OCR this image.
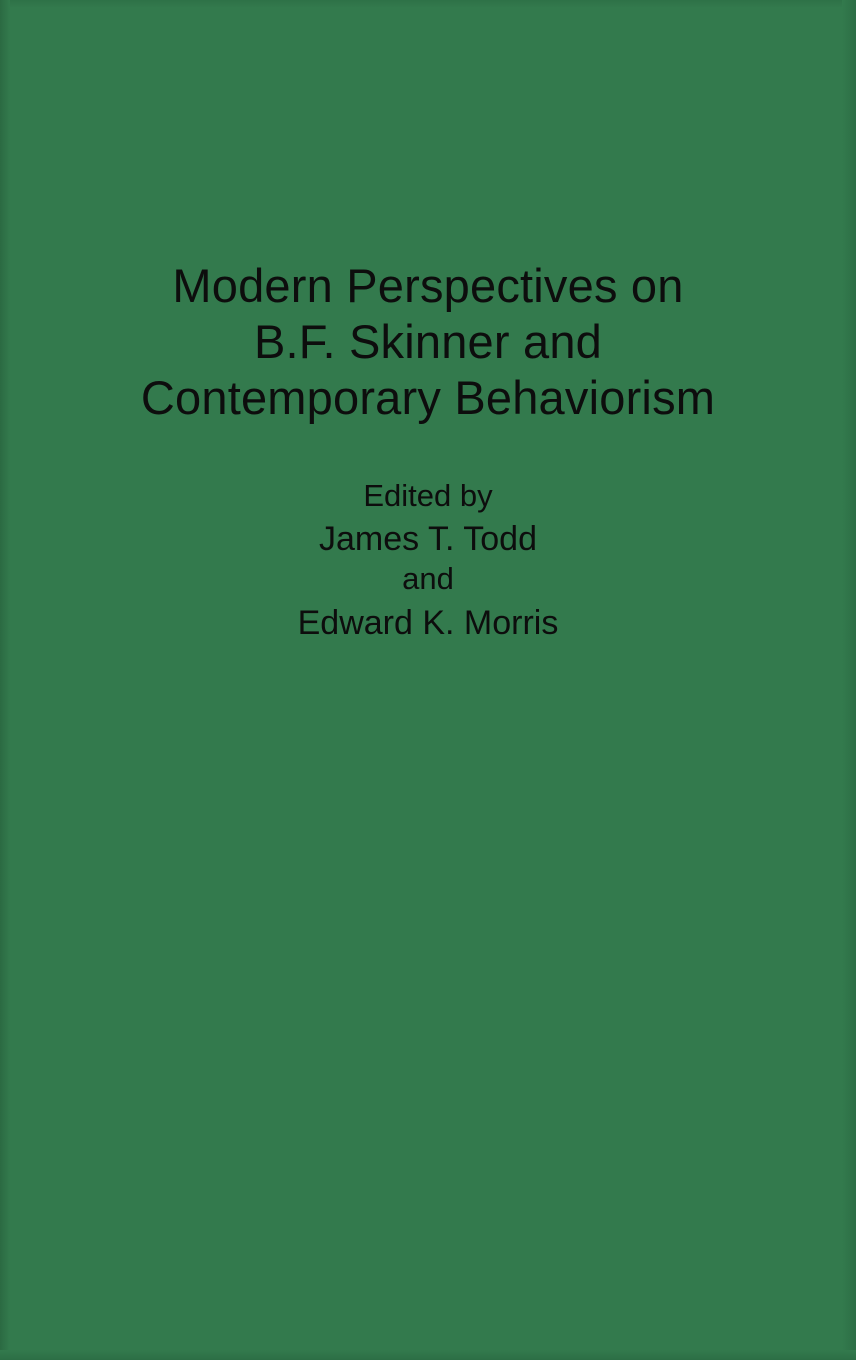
Modern Perspectives on
B.F. Skinner and
Contemporary Behaviorism
Edited by
James T. Todd
and
Edward K. Morris
